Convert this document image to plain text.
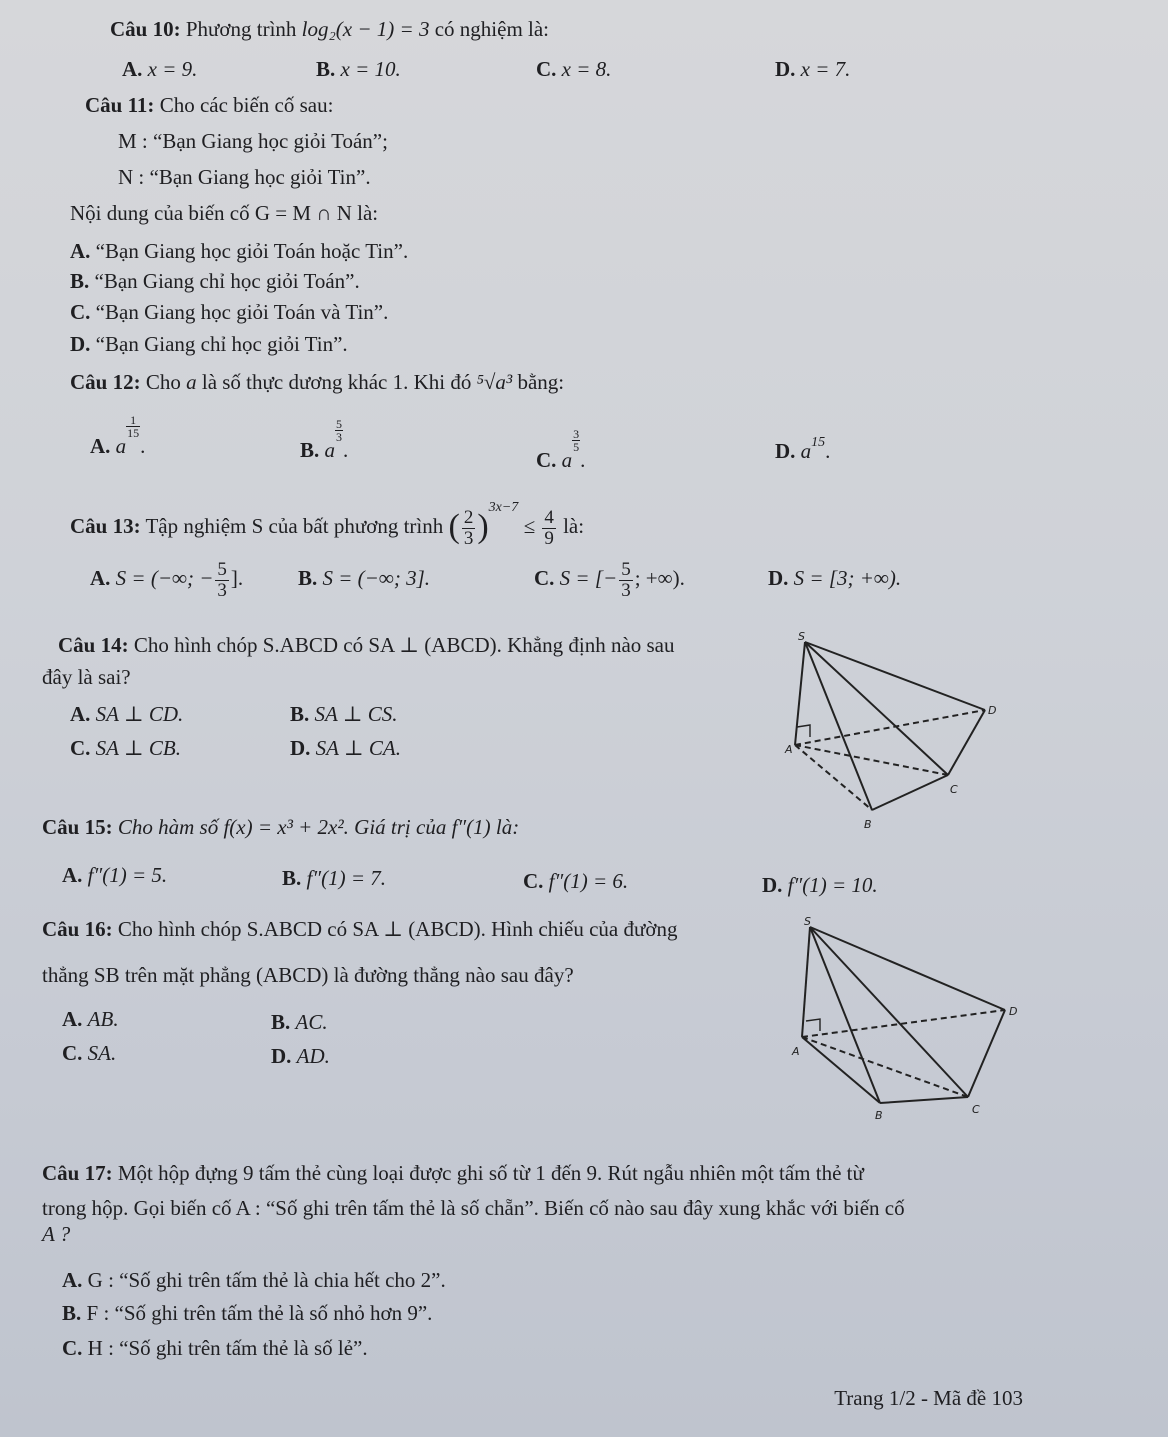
Câu 10: Phương trình log₂(x − 1) = 3 có nghiệm là:
A. x = 9.	B. x = 10.	C. x = 8.	D. x = 7.
Câu 11: Cho các biến cố sau:
M : “Bạn Giang học giỏi Toán”;
N : “Bạn Giang học giỏi Tin”.
Nội dung của biến cố G = M ∩ N là:
A. “Bạn Giang học giỏi Toán hoặc Tin”.
B. “Bạn Giang chỉ học giỏi Toán”.
C. “Bạn Giang học giỏi Toán và Tin”.
D. “Bạn Giang chỉ học giỏi Tin”.
Câu 12: Cho a là số thực dương khác 1. Khi đó ⁵√a³ bằng:
A. a
$\frac{1}{15}$
.	B. a
$\frac{5}{3}$
.	C. a
$\frac{3}{5}$
.	D. $a^{15}$.
Câu 13: Tập nghiệm S của bất phương trình ( $\frac{2}{3} )^{3x-7} \le \frac{4}{9}$ là:
A. S = (−∞; − $\frac{5}{3}$ ].	B. S = (−∞; 3].	C. S = [− $\frac{5}{3}$ ; +∞).	D. S = [3; +∞).
Câu 14: Cho hình chóp S.ABCD có SA ⊥ (ABCD). Khẳng định nào sau
đây là sai?
A. SA ⊥ CD.	B. SA ⊥ CS.
C. SA ⊥ CB.	D. SA ⊥ CA.
S
A
B
C
D
Câu 15: Cho hàm số f(x) = x³ + 2x². Giá trị của f″(1) là:
A. f″(1) = 5.	B. f″(1) = 7.	C. f″(1) = 6.	D. f″(1) = 10.
Câu 16: Cho hình chóp S.ABCD có SA ⊥ (ABCD). Hình chiếu của đường
thẳng SB trên mặt phẳng (ABCD) là đường thẳng nào sau đây?
A. AB.	B. AC.
C. SA.	D. AD.
S
A
B	C
D
Câu 17: Một hộp đựng 9 tấm thẻ cùng loại được ghi số từ 1 đến 9. Rút ngẫu nhiên một tấm thẻ từ
trong hộp. Gọi biến cố A : “Số ghi trên tấm thẻ là số chẵn”. Biến cố nào sau đây xung khắc với biến cố
A ?
A. G : “Số ghi trên tấm thẻ là chia hết cho 2”.
B. F : “Số ghi trên tấm thẻ là số nhỏ hơn 9”.
C. H : “Số ghi trên tấm thẻ là số lẻ”.
Trang 1/2 - Mã đề 103
